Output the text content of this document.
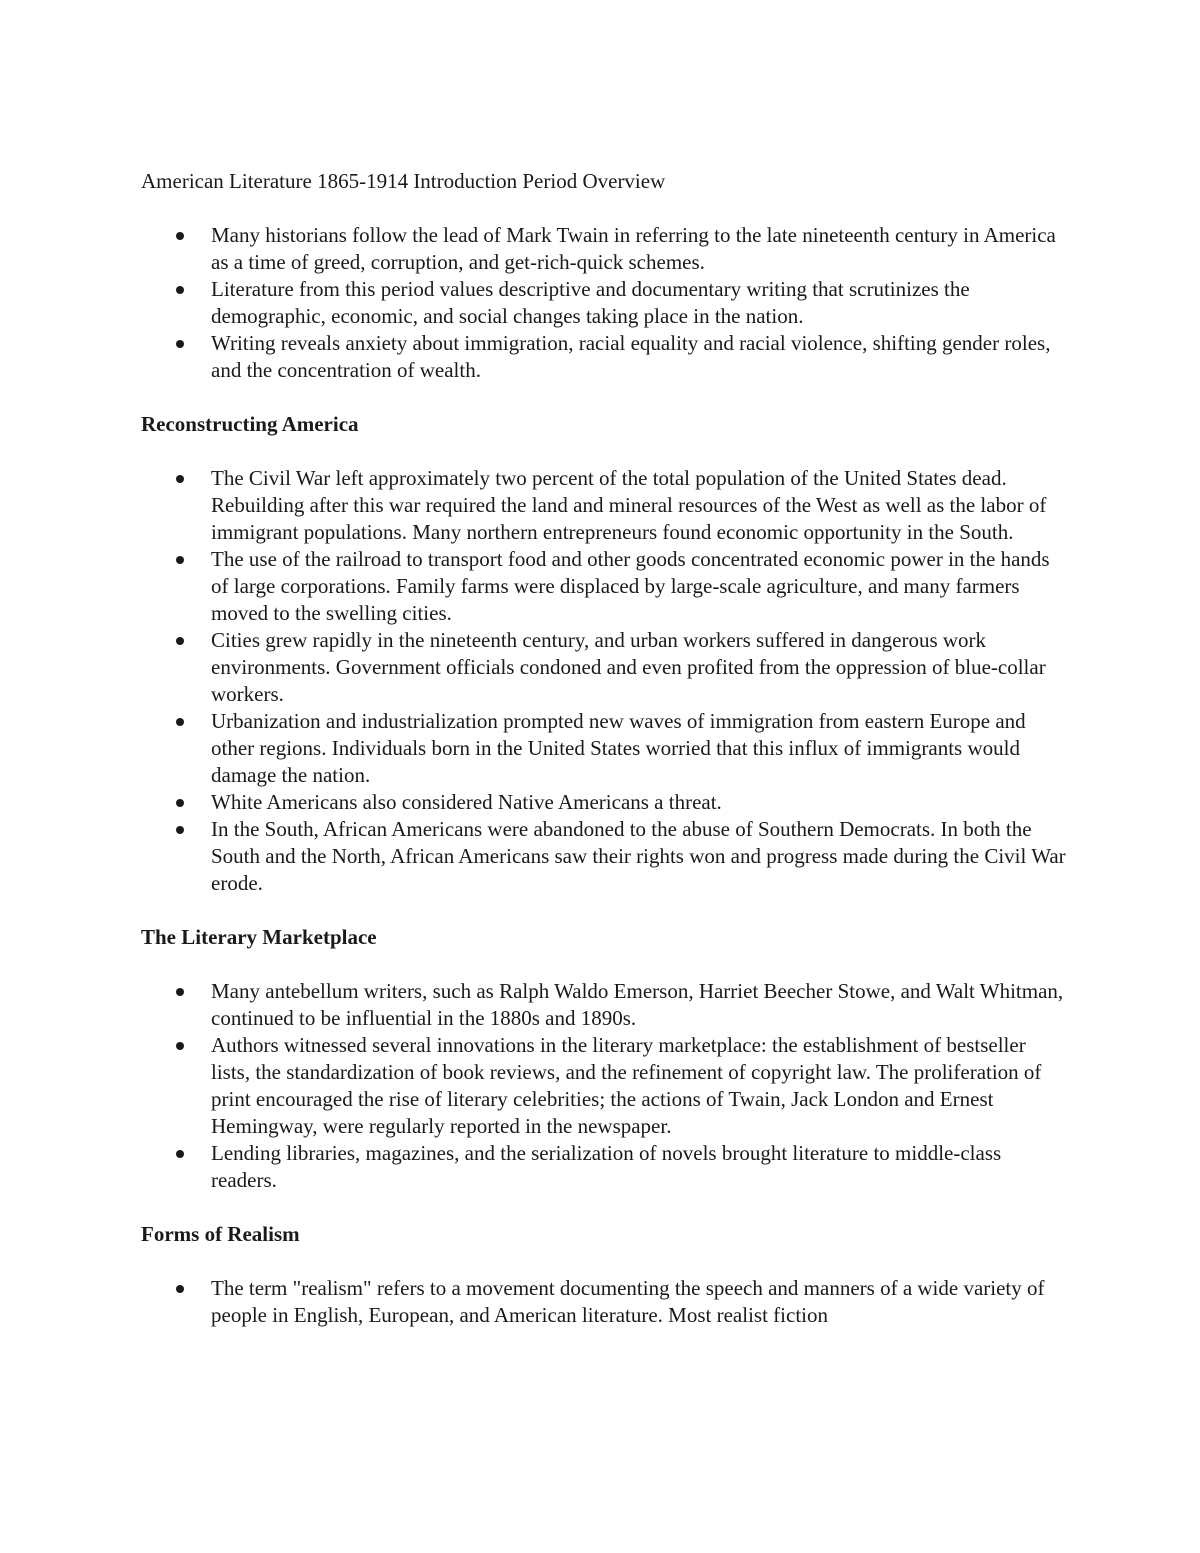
American Literature 1865-1914 Introduction Period Overview

Many historians follow the lead of Mark Twain in referring to the late nineteenth century in America as a time of greed, corruption, and get-rich-quick schemes.
Literature from this period values descriptive and documentary writing that scrutinizes the demographic, economic, and social changes taking place in the nation.
Writing reveals anxiety about immigration, racial equality and racial violence, shifting gender roles, and the concentration of wealth.

Reconstructing America

The Civil War left approximately two percent of the total population of the United States dead. Rebuilding after this war required the land and mineral resources of the West as well as the labor of immigrant populations. Many northern entrepreneurs found economic opportunity in the South.
The use of the railroad to transport food and other goods concentrated economic power in the hands of large corporations. Family farms were displaced by large-scale agriculture, and many farmers moved to the swelling cities.
Cities grew rapidly in the nineteenth century, and urban workers suffered in dangerous work environments. Government officials condoned and even profited from the oppression of blue-collar workers.
Urbanization and industrialization prompted new waves of immigration from eastern Europe and other regions. Individuals born in the United States worried that this influx of immigrants would damage the nation.
White Americans also considered Native Americans a threat.
In the South, African Americans were abandoned to the abuse of Southern Democrats. In both the South and the North, African Americans saw their rights won and progress made during the Civil War erode.

The Literary Marketplace

Many antebellum writers, such as Ralph Waldo Emerson, Harriet Beecher Stowe, and Walt Whitman, continued to be influential in the 1880s and 1890s.
Authors witnessed several innovations in the literary marketplace: the establishment of bestseller lists, the standardization of book reviews, and the refinement of copyright law. The proliferation of print encouraged the rise of literary celebrities; the actions of Twain, Jack London and Ernest Hemingway, were regularly reported in the newspaper.
Lending libraries, magazines, and the serialization of novels brought literature to middle-class readers.

Forms of Realism

The term "realism" refers to a movement documenting the speech and manners of a wide variety of people in English, European, and American literature. Most realist fiction
